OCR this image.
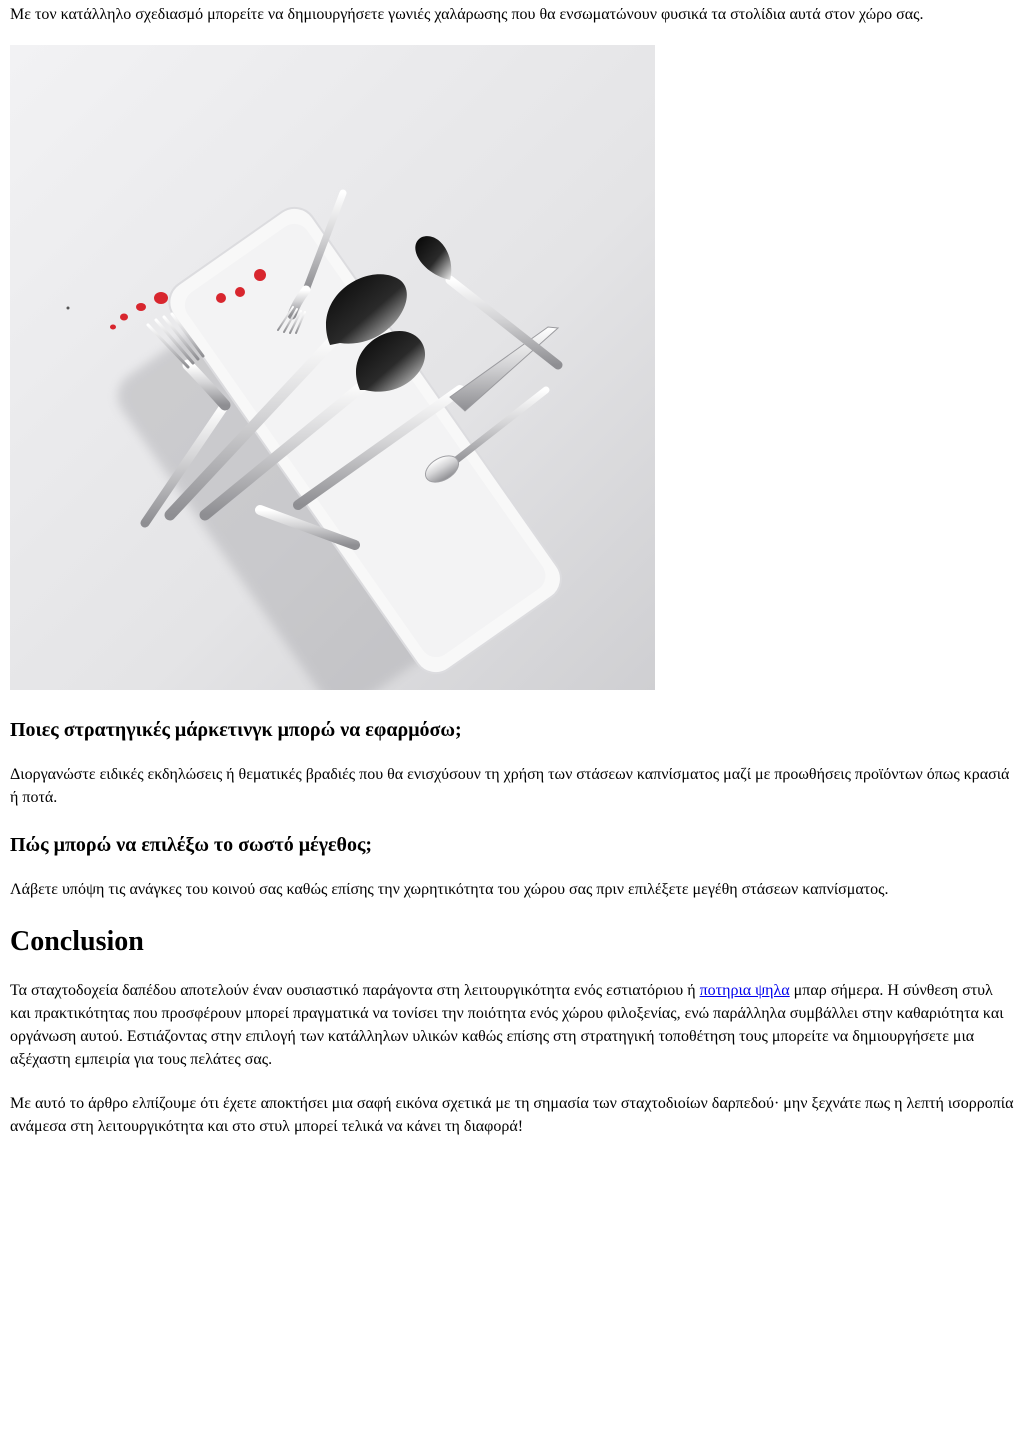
Με τον κατάλληλο σχεδιασμό μπορείτε να δημιουργήσετε γωνιές χαλάρωσης που θα ενσωματώνουν φυσικά τα στολίδια αυτά στον χώρο σας.

Ποιες στρατηγικές μάρκετινγκ μπορώ να εφαρμόσω;

Διοργανώστε ειδικές εκδηλώσεις ή θεματικές βραδιές που θα ενισχύσουν τη χρήση των στάσεων καπνίσματος μαζί με προωθήσεις προϊόντων όπως κρασιά ή ποτά.

Πώς μπορώ να επιλέξω το σωστό μέγεθος;

Λάβετε υπόψη τις ανάγκες του κοινού σας καθώς επίσης την χωρητικότητα του χώρου σας πριν επιλέξετε μεγέθη στάσεων καπνίσματος.

Conclusion

Τα σταχτοδοχεία δαπέδου αποτελούν έναν ουσιαστικό παράγοντα στη λειτουργικότητα ενός εστιατόριου ή ποτηρια ψηλα μπαρ σήμερα. Η σύνθεση στυλ και πρακτικότητας που προσφέρουν μπορεί πραγματικά να τονίσει την ποιότητα ενός χώρου φιλοξενίας, ενώ παράλληλα συμβάλλει στην καθαριότητα και οργάνωση αυτού. Εστιάζοντας στην επιλογή των κατάλληλων υλικών καθώς επίσης στη στρατηγική τοποθέτηση τους μπορείτε να δημιουργήσετε μια αξέχαστη εμπειρία για τους πελάτες σας.

Με αυτό το άρθρο ελπίζουμε ότι έχετε αποκτήσει μια σαφή εικόνα σχετικά με τη σημασία των σταχτοδιοίων δαρπεδού· μην ξεχνάτε πως η λεπτή ισορροπία ανάμεσα στη λειτουργικότητα και στο στυλ μπορεί τελικά να κάνει τη διαφορά!
